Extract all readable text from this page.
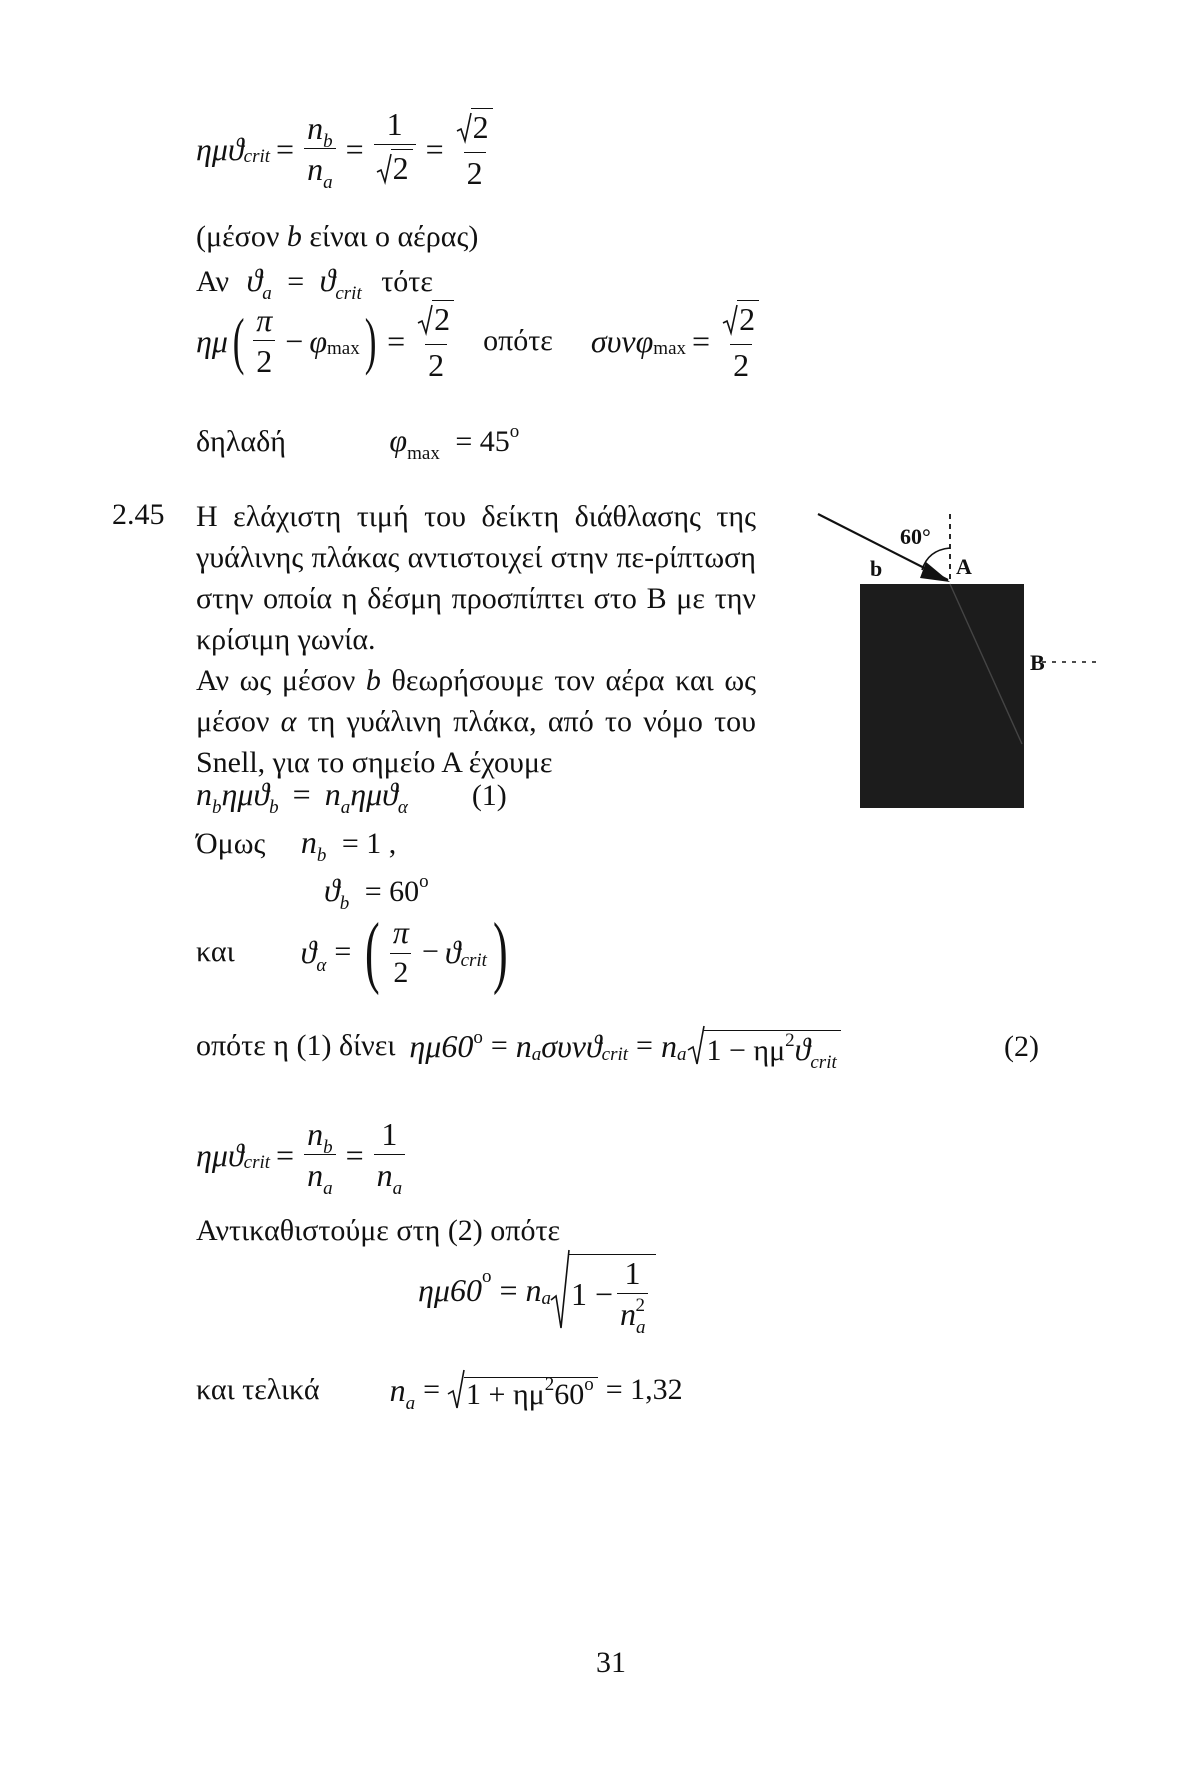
ημϑ crit = $\frac{n_b}{n_a} = \frac{1}{2} = \frac{2}{2}$
(μέσον b είναι ο αέρας)
Αν $ϑ_a = ϑ_{crit}$ τότε
ημ ( $\frac{\pi}{2} - \varphi$ max ) = $\frac{2}{2}$ οπότε συνφ $\max = \frac{2}{2}$
δηλαδή	$\varphi_{max} = 45^o$
2.45 Η ελάχιστη τιμή του δείκτη διάθλασης της γυάλινης πλάκας αντιστοιχεί στην πε-ρίπτωση στην οποία η δέσμη προσπίπτει στο Β με την κρίσιμη γωνία.
Αν ως μέσον b θεωρήσουμε τον αέρα και ως μέσον α τη γυάλινη πλάκα, από το νόμο του Snell, για το σημείο Α έχουμε
$n_b\eta\mu ϑ_b = n_a\eta\mu ϑ_\alpha$ (1)
Όμως $n_b = 1$ ,
$ϑ_b = 60^o$
και $ϑ_\alpha$ = ( $\frac{\pi}{2} - ϑ$ crit )
οπότε η (1) δίνει $\eta\mu 60^o = n$ a συνϑ crit = n a $1 - \eta\mu^2ϑ_{crit}$	(2)
ημϑ crit = $\frac{n_b}{n_a} = \frac{1}{n_a}$
Αντικαθιστούμε στη (2) οπότε
ημ60 o = n a $1 - \frac{1}{n_a^2}$
και τελικά $n_a = 1 + \eta\mu^260^o = 1,32$
60°
b	A
B
31
